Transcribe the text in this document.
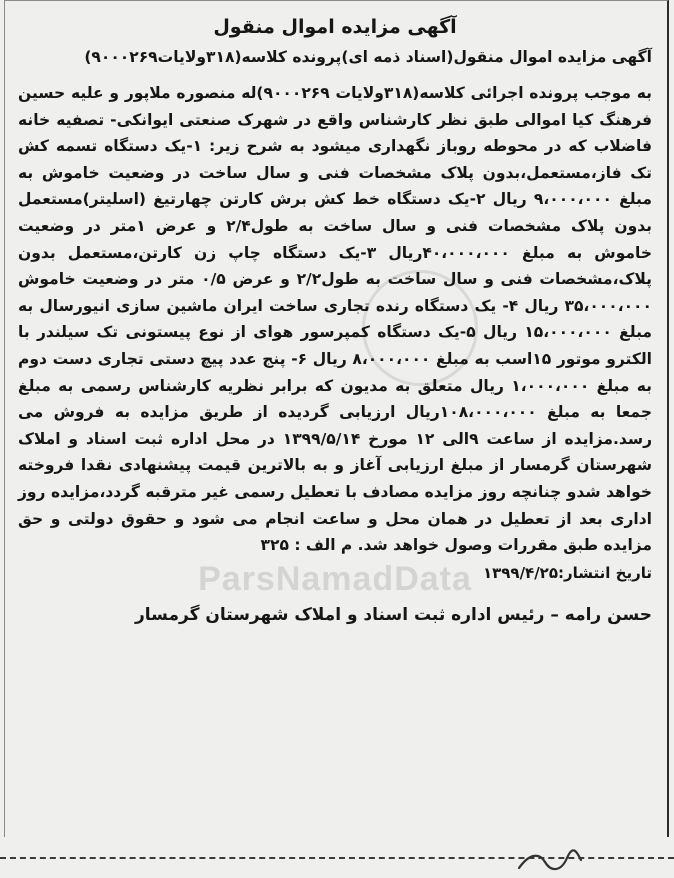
ParsNamadData
آگهی مزایده اموال منقول

آگهی مزایده اموال منقول(اسناد ذمه ای)پرونده کلاسه(۳۱۸ولایات۹۰۰۰۲۶۹)

به موجب پرونده اجرائی کلاسه(۳۱۸ولایات ۹۰۰۰۲۶۹)له منصوره ملاپور و علیه حسین فرهنگ کیا اموالی طبق نظر کارشناس واقع در شهرک صنعتی ایوانکی- تصفیه خانه فاضلاب که در محوطه روباز نگهداری میشود به شرح زیر: ۱-یک دستگاه تسمه کش تک فاز،مستعمل،بدون پلاک مشخصات فنی و سال ساخت در وضعیت خاموش به مبلغ ۹،۰۰۰،۰۰۰ ریال ۲-یک دستگاه خط کش برش کارتن چهارتیغ (اسلیتر)مستعمل بدون پلاک مشخصات فنی و سال ساخت به طول۲/۴ و عرض ۱متر در وضعیت خاموش به مبلغ ۴۰،۰۰۰،۰۰۰ریال ۳-یک دستگاه چاپ زن کارتن،مستعمل بدون پلاک،مشخصات فنی و سال ساخت به طول۲/۲ و عرض ۰/۵ متر در وضعیت خاموش ۳۵،۰۰۰،۰۰۰ ریال ۴- یک دستگاه رنده تجاری ساخت ایران ماشین سازی انیورسال به مبلغ ۱۵،۰۰۰،۰۰۰ ریال ۵-یک دستگاه کمپرسور هوای از نوع پیستونی تک سیلندر با الکترو موتور ۱۵اسب به مبلغ ۸،۰۰۰،۰۰۰ ریال ۶- پنج عدد پیچ دستی تجاری دست دوم به مبلغ ۱،۰۰۰،۰۰۰ ریال متعلق به مدیون که برابر نظریه کارشناس رسمی به مبلغ جمعا به مبلغ ۱۰۸،۰۰۰،۰۰۰ریال ارزیابی گردیده از طریق مزایده به فروش می رسد.مزایده از ساعت ۹الی ۱۲ مورخ ۱۳۹۹/۵/۱۴ در محل اداره ثبت اسناد و املاک شهرستان گرمسار از مبلغ ارزیابی آغاز و به بالاترین قیمت پیشنهادی نقدا فروخته خواهد شدو چنانچه روز مزایده مصادف با تعطیل رسمی غیر مترقبه گردد،مزایده روز اداری بعد از تعطیل در همان محل و ساعت انجام می شود و حقوق دولتی و حق مزایده طبق مقررات وصول خواهد شد. م الف : ۳۲۵

تاریخ انتشار:۱۳۹۹/۴/۲۵

حسن رامه – رئیس اداره ثبت اسناد و املاک شهرستان گرمسار
